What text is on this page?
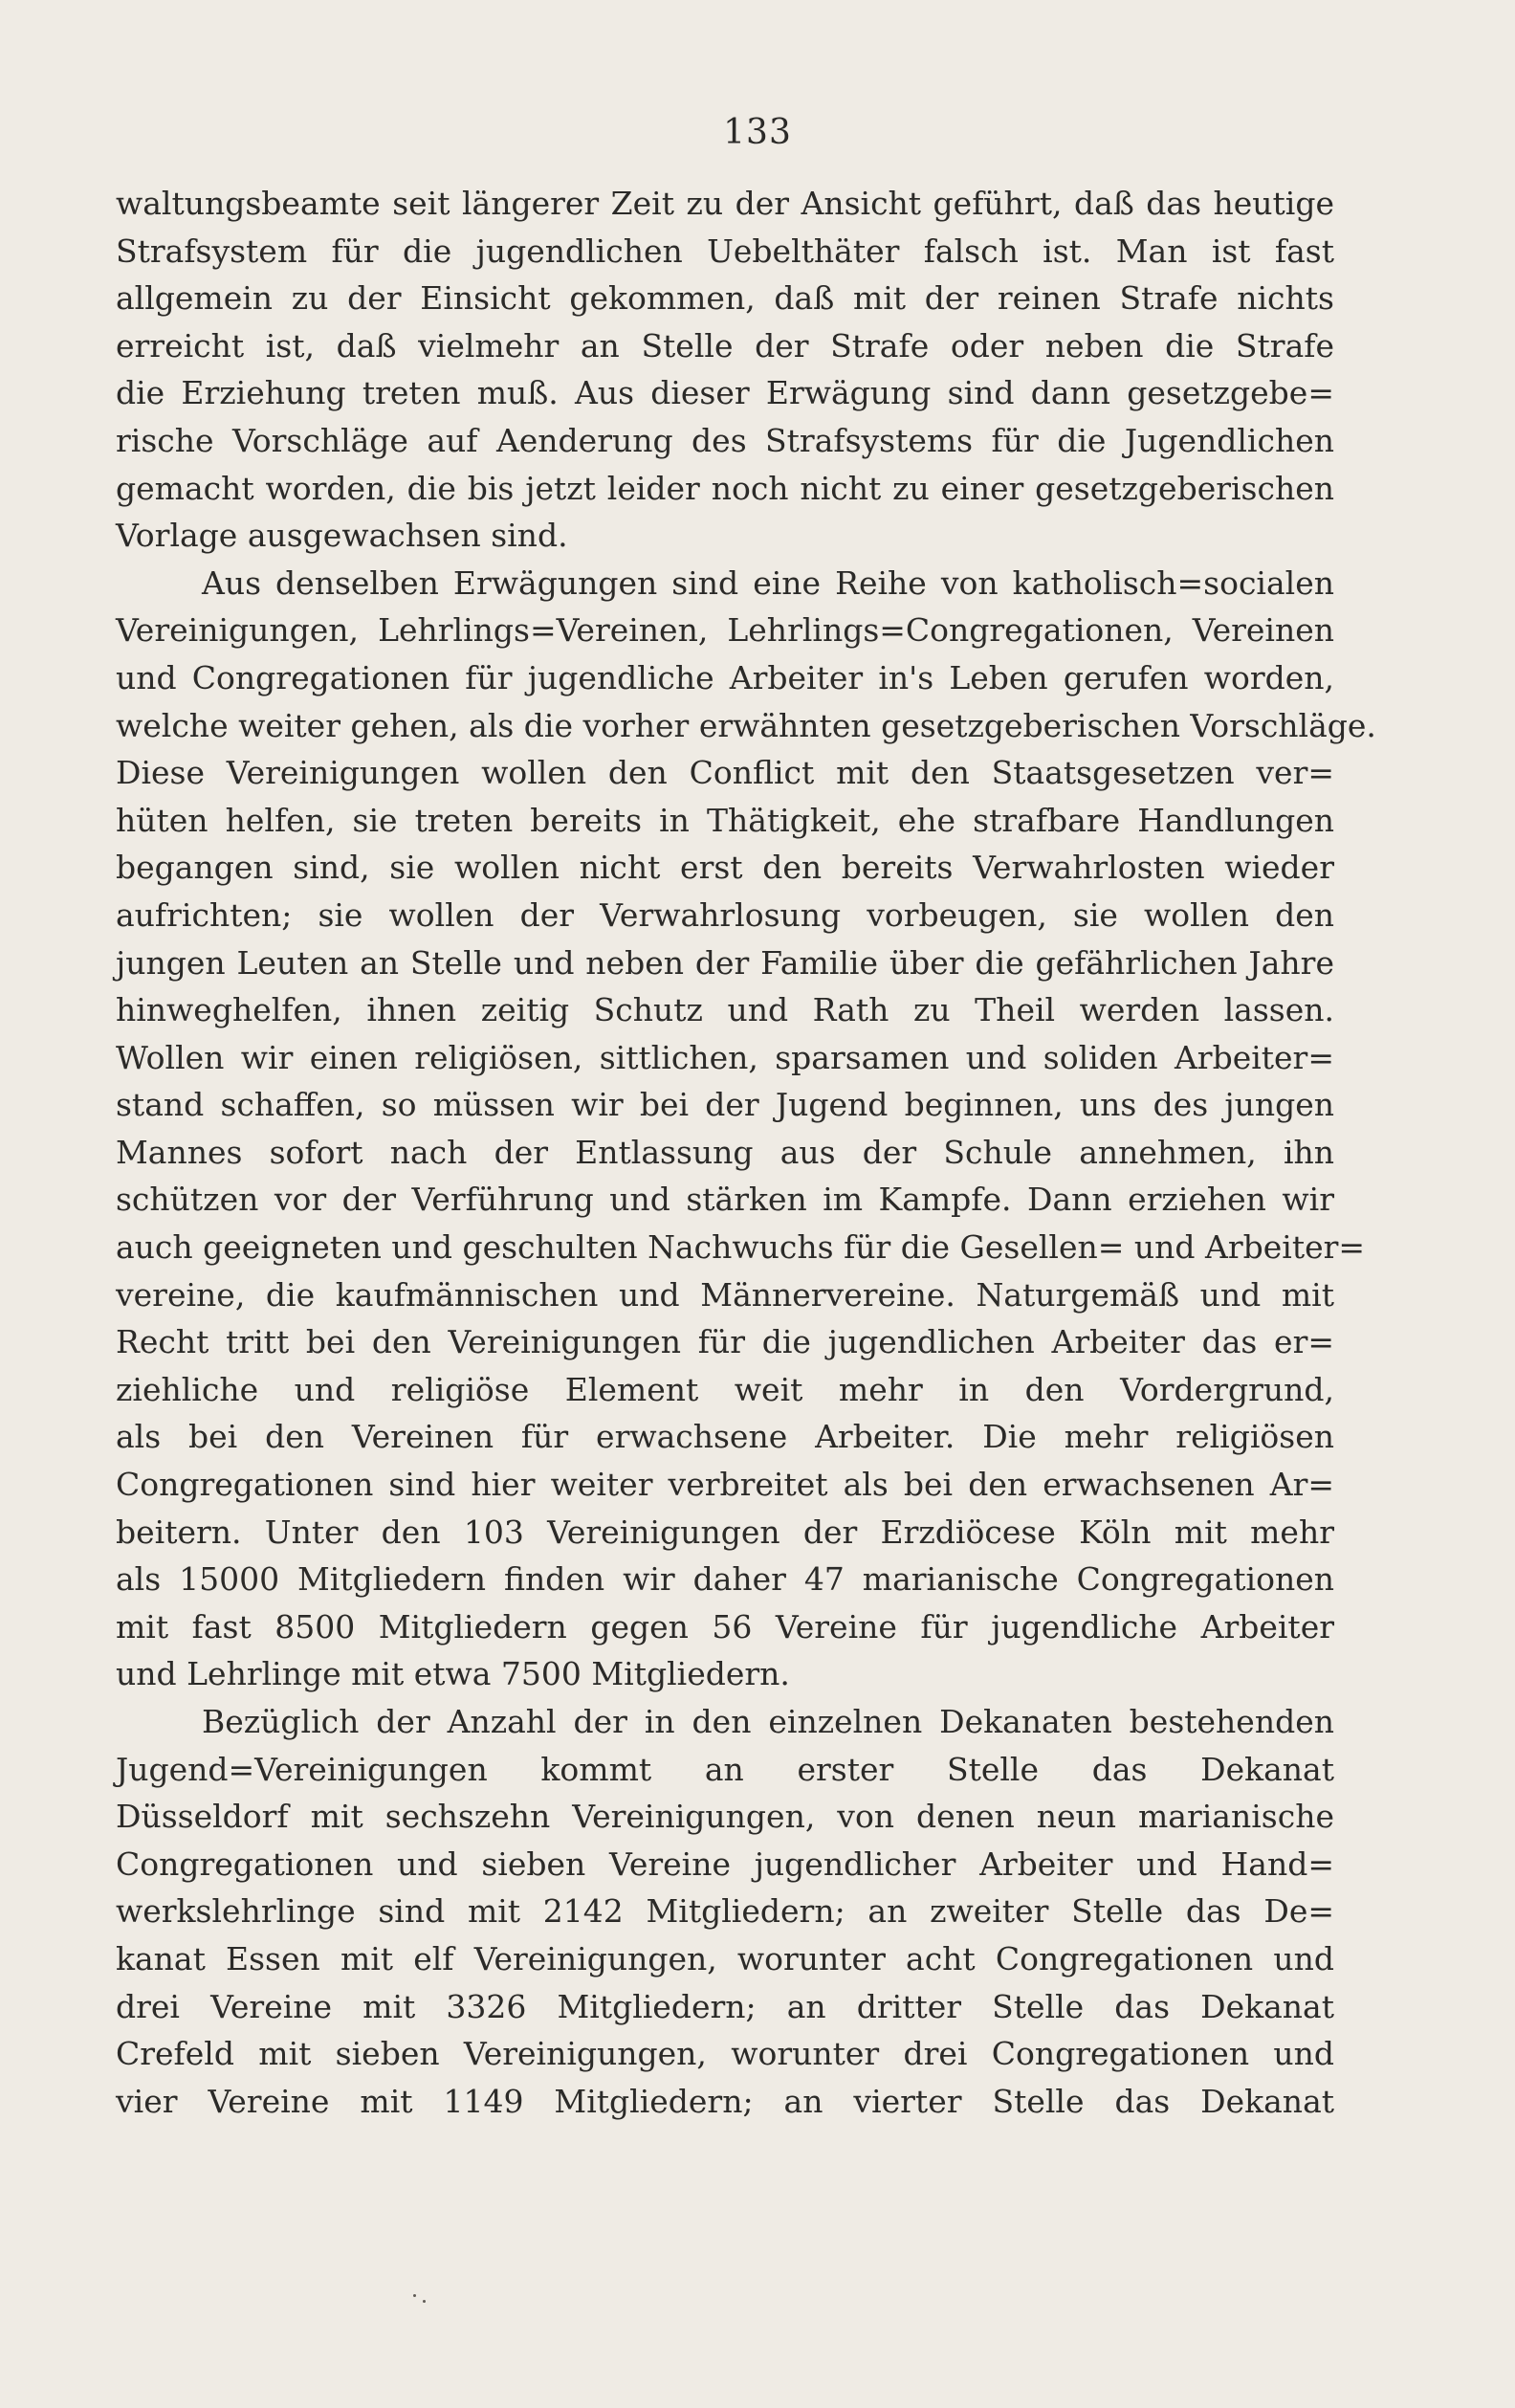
133
waltungsbeamte seit längerer Zeit zu der Ansicht geführt, daß das heutige
Strafsystem für die jugendlichen Uebelthäter falsch ist. Man ist fast
allgemein zu der Einsicht gekommen, daß mit der reinen Strafe nichts
erreicht ist, daß vielmehr an Stelle der Strafe oder neben die Strafe
die Erziehung treten muß. Aus dieser Erwägung sind dann gesetzgebe=
rische Vorschläge auf Aenderung des Strafsystems für die Jugendlichen
gemacht worden, die bis jetzt leider noch nicht zu einer gesetzgeberischen
Vorlage ausgewachsen sind.
Aus denselben Erwägungen sind eine Reihe von katholisch=socialen
Vereinigungen, Lehrlings=Vereinen, Lehrlings=Congregationen, Vereinen
und Congregationen für jugendliche Arbeiter in's Leben gerufen worden,
welche weiter gehen, als die vorher erwähnten gesetzgeberischen Vorschläge.
Diese Vereinigungen wollen den Conflict mit den Staatsgesetzen ver=
hüten helfen, sie treten bereits in Thätigkeit, ehe strafbare Handlungen
begangen sind, sie wollen nicht erst den bereits Verwahrlosten wieder
aufrichten; sie wollen der Verwahrlosung vorbeugen, sie wollen den
jungen Leuten an Stelle und neben der Familie über die gefährlichen Jahre
hinweghelfen, ihnen zeitig Schutz und Rath zu Theil werden lassen.
Wollen wir einen religiösen, sittlichen, sparsamen und soliden Arbeiter=
stand schaffen, so müssen wir bei der Jugend beginnen, uns des jungen
Mannes sofort nach der Entlassung aus der Schule annehmen, ihn
schützen vor der Verführung und stärken im Kampfe. Dann erziehen wir
auch geeigneten und geschulten Nachwuchs für die Gesellen= und Arbeiter=
vereine, die kaufmännischen und Männervereine. Naturgemäß und mit
Recht tritt bei den Vereinigungen für die jugendlichen Arbeiter das er=
ziehliche und religiöse Element weit mehr in den Vordergrund,
als bei den Vereinen für erwachsene Arbeiter. Die mehr religiösen
Congregationen sind hier weiter verbreitet als bei den erwachsenen Ar=
beitern. Unter den 103 Vereinigungen der Erzdiöcese Köln mit mehr
als 15000 Mitgliedern finden wir daher 47 marianische Congregationen
mit fast 8500 Mitgliedern gegen 56 Vereine für jugendliche Arbeiter
und Lehrlinge mit etwa 7500 Mitgliedern.
Bezüglich der Anzahl der in den einzelnen Dekanaten bestehenden
Jugend=Vereinigungen kommt an erster Stelle das Dekanat
Düsseldorf mit sechszehn Vereinigungen, von denen neun marianische
Congregationen und sieben Vereine jugendlicher Arbeiter und Hand=
werkslehrlinge sind mit 2142 Mitgliedern; an zweiter Stelle das De=
kanat Essen mit elf Vereinigungen, worunter acht Congregationen und
drei Vereine mit 3326 Mitgliedern; an dritter Stelle das Dekanat
Crefeld mit sieben Vereinigungen, worunter drei Congregationen und
vier Vereine mit 1149 Mitgliedern; an vierter Stelle das Dekanat
